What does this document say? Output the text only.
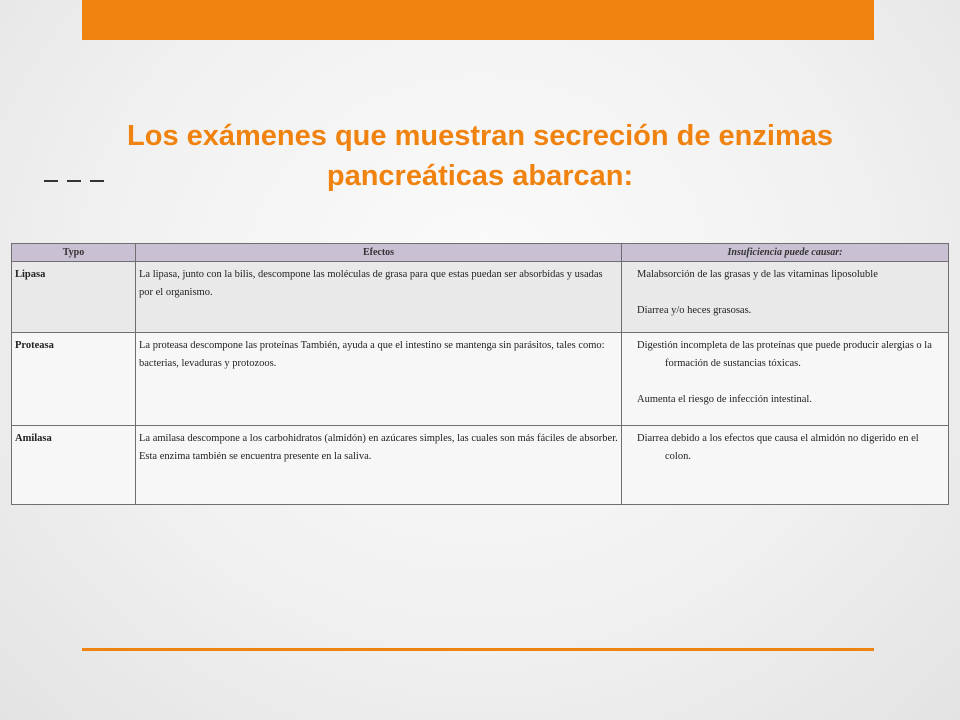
Los exámenes que muestran secreción de enzimas
pancreáticas abarcan:
Typo	Efectos	Insuficiencia puede causar:
Lipasa	La lipasa, junto con la bilis, descompone las moléculas de grasa para que estas puedan ser absorbidas y usadas por el organismo.	Malabsorción de las grasas y de las vitaminas liposoluble

Diarrea y/o heces grasosas.

Proteasa	La proteasa descompone las proteínas También, ayuda a que el intestino se mantenga sin parásitos, tales como: bacterias, levaduras y protozoos.	Digestión incompleta de las proteínas que puede producir alergias o la formación de sustancias tóxicas.

Aumenta el riesgo de infección intestinal.

Amilasa	La amilasa descompone a los carbohidratos (almidón) en azúcares simples, las cuales son más fáciles de absorber. Esta enzima también se encuentra presente en la saliva.	Diarrea debido a los efectos que causa el almidón no digerido en el colon.
